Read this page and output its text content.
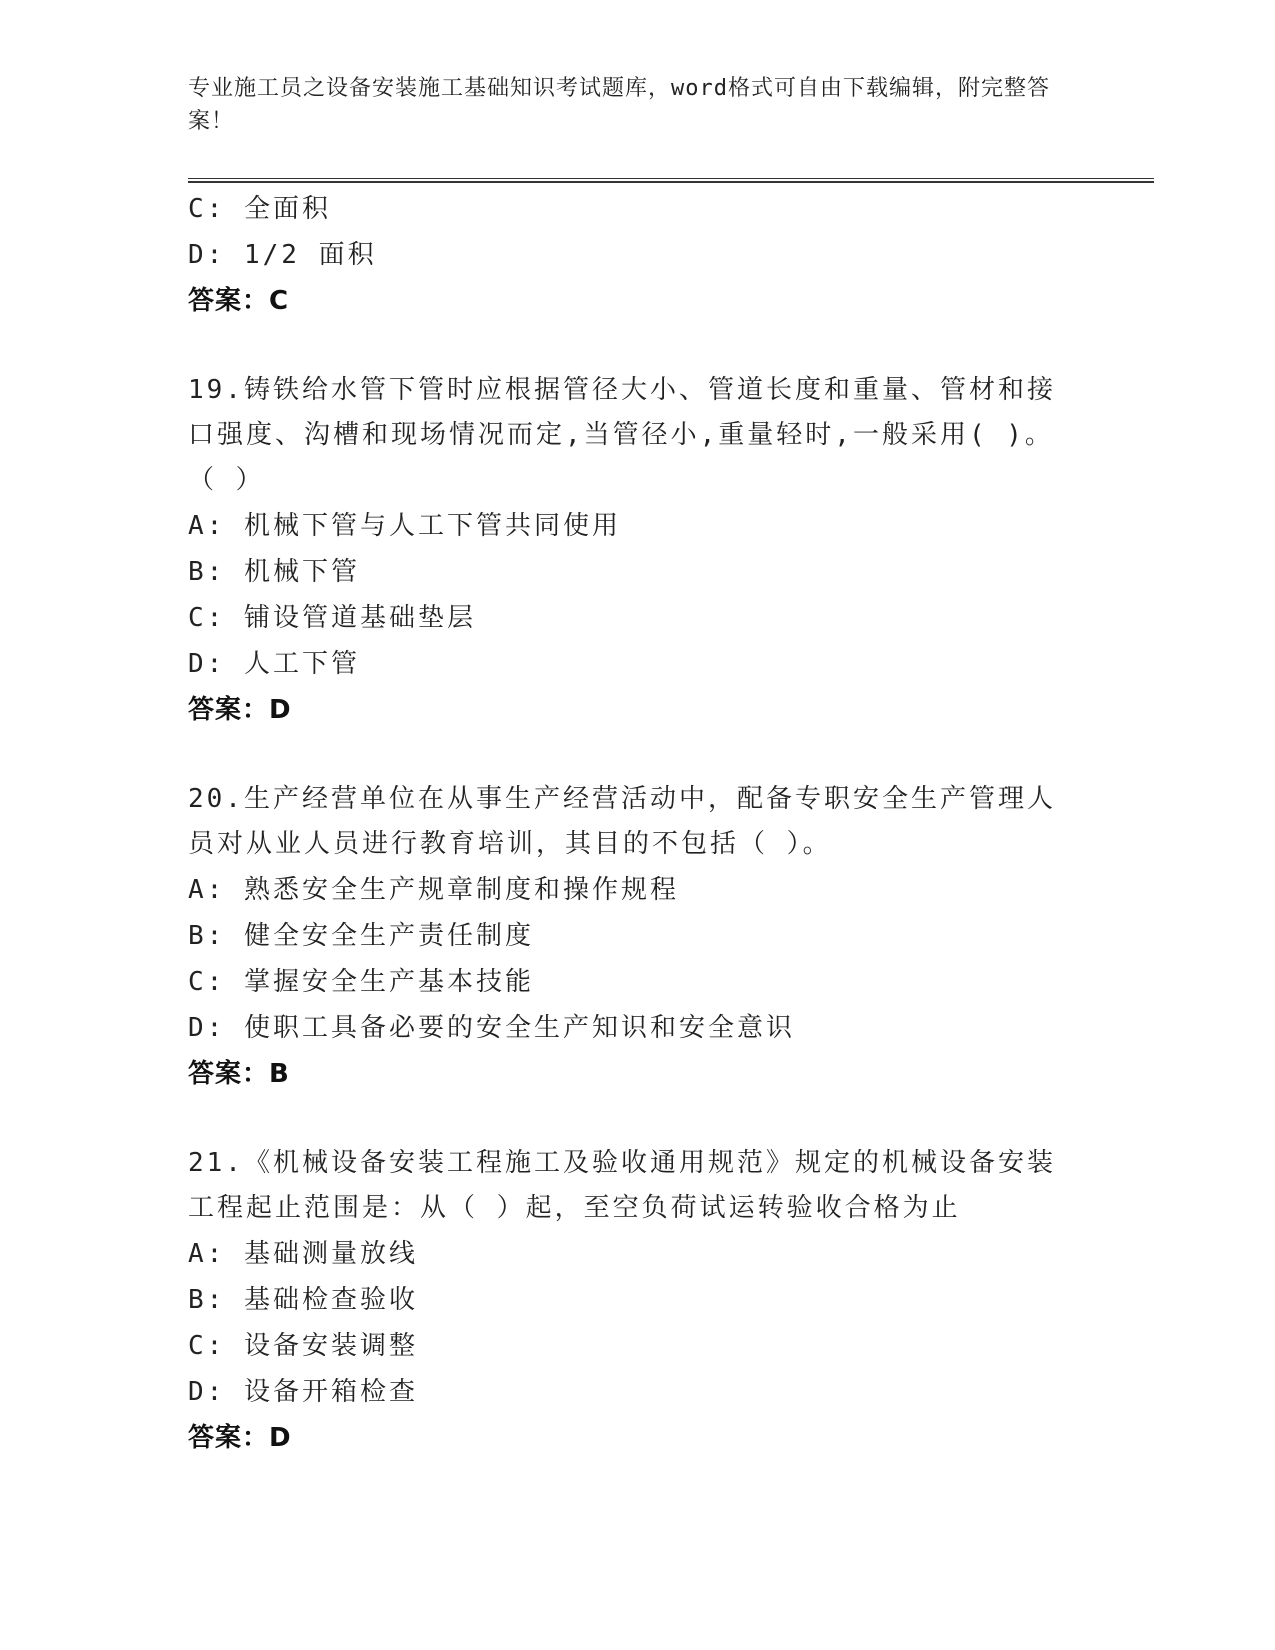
专业施工员之设备安装施工基础知识考试题库，word格式可自由下载编辑，附完整答案！
C: 全面积
D: 1/2 面积
答案：C
19.铸铁给水管下管时应根据管径大小、管道长度和重量、管材和接口强度、沟槽和现场情况而定,当管径小,重量轻时,一般采用( )。（ ）
A: 机械下管与人工下管共同使用
B: 机械下管
C: 铺设管道基础垫层
D: 人工下管
答案：D
20.生产经营单位在从事生产经营活动中，配备专职安全生产管理人员对从业人员进行教育培训，其目的不包括（ ）。
A: 熟悉安全生产规章制度和操作规程
B: 健全安全生产责任制度
C: 掌握安全生产基本技能
D: 使职工具备必要的安全生产知识和安全意识
答案：B
21.《机械设备安装工程施工及验收通用规范》规定的机械设备安装工程起止范围是：从（ ）起，至空负荷试运转验收合格为止
A: 基础测量放线
B: 基础检查验收
C: 设备安装调整
D: 设备开箱检查
答案：D
